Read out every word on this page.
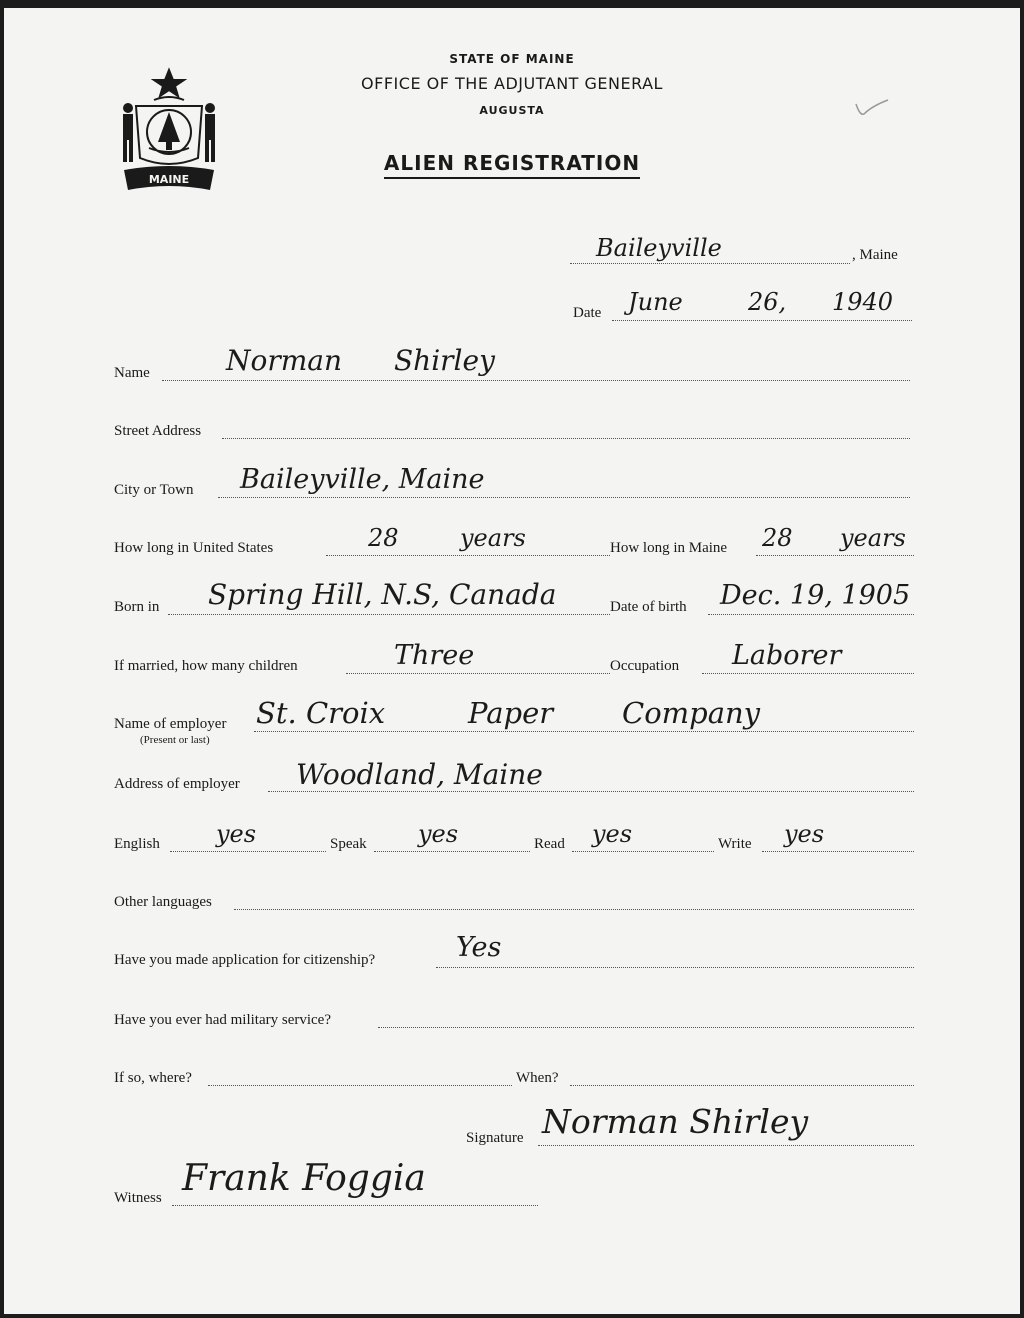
MAINE
STATE OF MAINE
OFFICE OF THE ADJUTANT GENERAL
AUGUSTA
ALIEN REGISTRATION
Baileyville	, Maine
Date June	26, 1940
Name	Norman Shirley
Street Address
City or Town Baileyville, Maine
How long in United States	28	years	How long in Maine 28 years
Born in Spring Hill, N.S, Canada	Date of birth Dec. 19, 1905
If married, how many children	Three	Occupation Laborer
Name of employer
(Present or last)
St. Croix	Paper Company
Address of employer Woodland, Maine
English yes	Speak yes	Read yes	Write yes
Other languages
Have you made application for citizenship?	Yes
Have you ever had military service?
If so, where?	When?
Signature Norman Shirley
Witness Frank Foggia
